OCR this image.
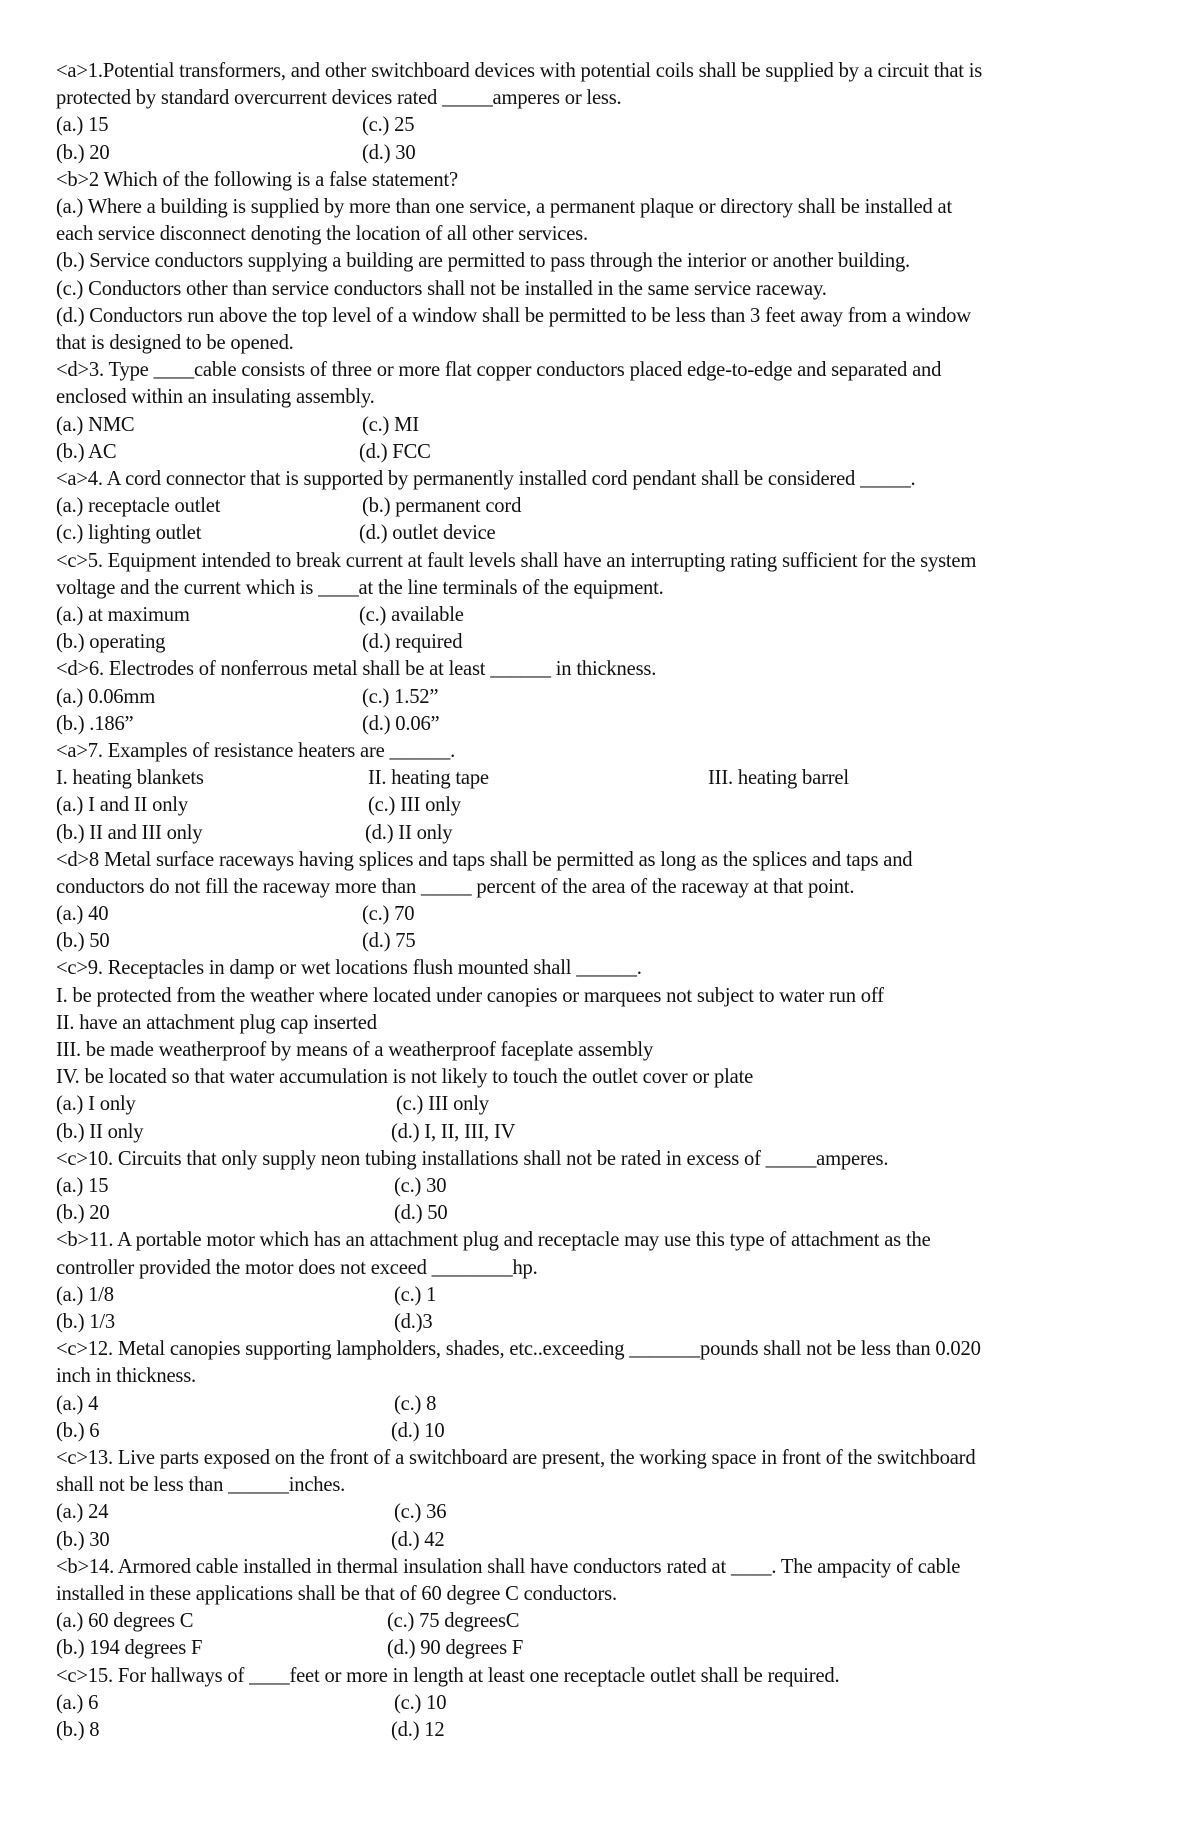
<a>1.Potential transformers, and other switchboard devices with potential coils shall be supplied by a circuit that is
protected by standard overcurrent devices rated _____amperes or less.
(a.) 15	(c.) 25
(b.) 20	(d.) 30
<b>2 Which of the following is a false statement?
(a.) Where a building is supplied by more than one service, a permanent plaque or directory shall be installed at
each service disconnect denoting the location of all other services.
(b.) Service conductors supplying a building are permitted to pass through the interior or another building.
(c.) Conductors other than service conductors shall not be installed in the same service raceway.
(d.) Conductors run above the top level of a window shall be permitted to be less than 3 feet away from a window
that is designed to be opened.
<d>3. Type ____cable consists of three or more flat copper conductors placed edge-to-edge and separated and
enclosed within an insulating assembly.
(a.) NMC	(c.) MI
(b.) AC	(d.) FCC
<a>4. A cord connector that is supported by permanently installed cord pendant shall be considered _____.
(a.) receptacle outlet	(b.) permanent cord
(c.) lighting outlet	(d.) outlet device
<c>5. Equipment intended to break current at fault levels shall have an interrupting rating sufficient for the system
voltage and the current which is ____at the line terminals of the equipment.
(a.) at maximum	(c.) available
(b.) operating	(d.) required
<d>6. Electrodes of nonferrous metal shall be at least ______ in thickness.
(a.) 0.06mm	(c.) 1.52”
(b.) .186”	(d.) 0.06”
<a>7. Examples of resistance heaters are ______.
I. heating blankets	II. heating tape	III. heating barrel
(a.) I and II only	(c.) III only
(b.) II and III only	(d.) II only
<d>8 Metal surface raceways having splices and taps shall be permitted as long as the splices and taps and
conductors do not fill the raceway more than _____ percent of the area of the raceway at that point.
(a.) 40	(c.) 70
(b.) 50	(d.) 75
<c>9. Receptacles in damp or wet locations flush mounted shall ______.
I. be protected from the weather where located under canopies or marquees not subject to water run off
II. have an attachment plug cap inserted
III. be made weatherproof by means of a weatherproof faceplate assembly
IV. be located so that water accumulation is not likely to touch the outlet cover or plate
(a.) I only	(c.) III only
(b.) II only	(d.) I, II, III, IV
<c>10. Circuits that only supply neon tubing installations shall not be rated in excess of _____amperes.
(a.) 15	(c.) 30
(b.) 20	(d.) 50
<b>11. A portable motor which has an attachment plug and receptacle may use this type of attachment as the
controller provided the motor does not exceed ________hp.
(a.) 1/8	(c.) 1
(b.) 1/3	(d.)3
<c>12. Metal canopies supporting lampholders, shades, etc..exceeding _______pounds shall not be less than 0.020
inch in thickness.
(a.) 4	(c.) 8
(b.) 6	(d.) 10
<c>13. Live parts exposed on the front of a switchboard are present, the working space in front of the switchboard
shall not be less than ______inches.
(a.) 24	(c.) 36
(b.) 30	(d.) 42
<b>14. Armored cable installed in thermal insulation shall have conductors rated at ____. The ampacity of cable
installed in these applications shall be that of 60 degree C conductors.
(a.) 60 degrees C	(c.) 75 degreesC
(b.) 194 degrees F	(d.) 90 degrees F
<c>15. For hallways of ____feet or more in length at least one receptacle outlet shall be required.
(a.) 6	(c.) 10
(b.) 8	(d.) 12
